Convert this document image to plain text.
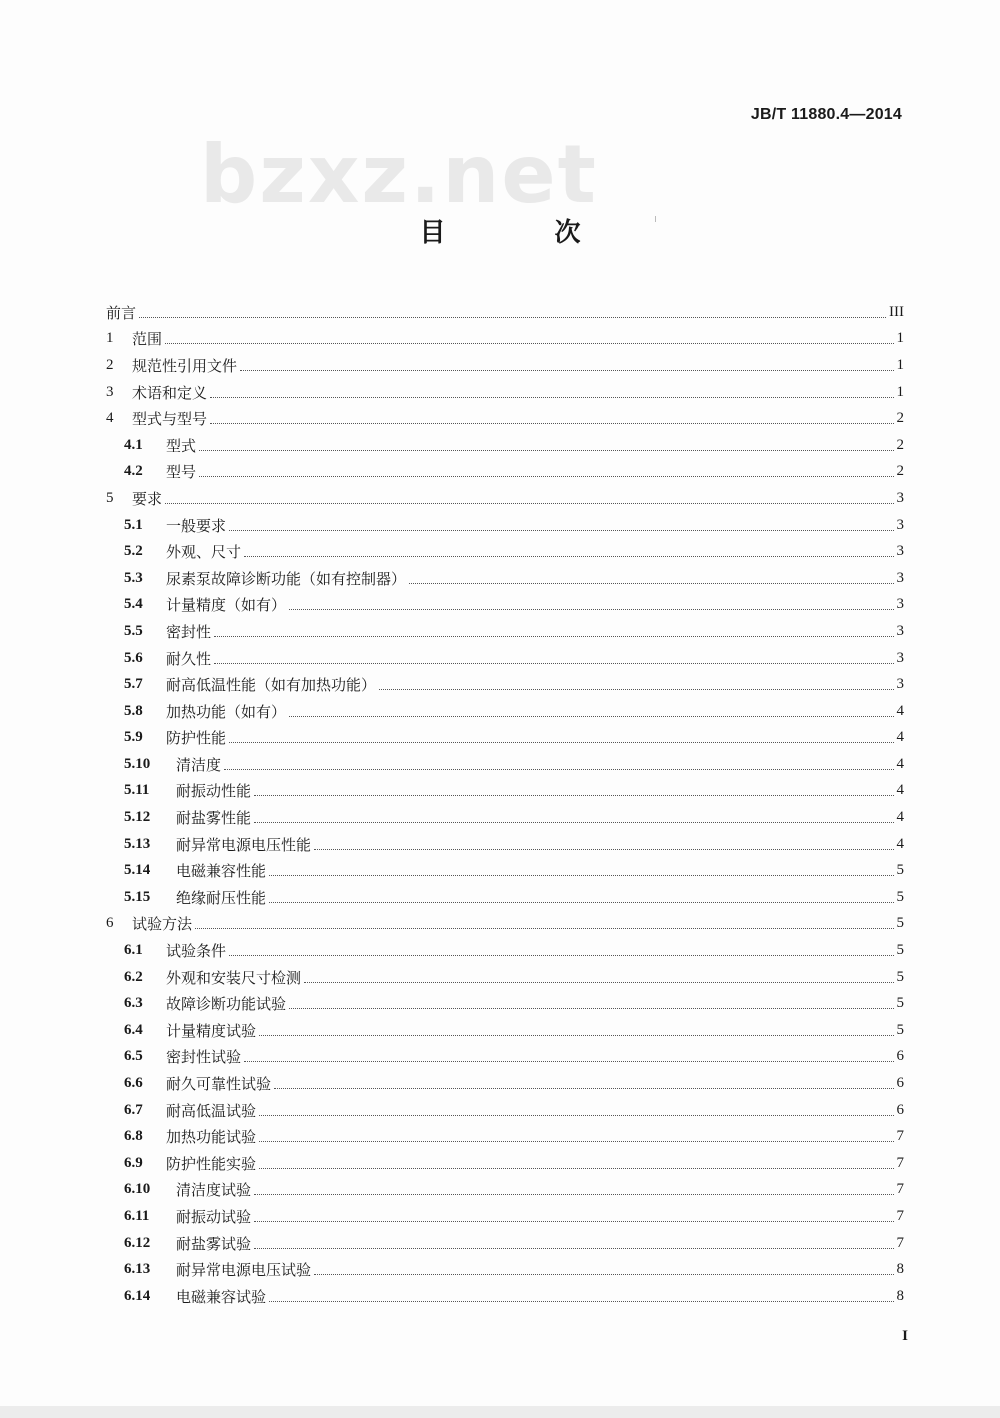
JB/T 11880.4—2014
bzxz.net
目 次
前言	III
1	范围	1
2	规范性引用文件	1
3	术语和定义	1
4	型式与型号	2
4.1	型式	2
4.2	型号	2
5	要求	3
5.1	一般要求	3
5.2	外观、尺寸	3
5.3	尿素泵故障诊断功能（如有控制器）	3
5.4	计量精度（如有）	3
5.5	密封性	3
5.6	耐久性	3
5.7	耐高低温性能（如有加热功能）	3
5.8	加热功能（如有）	4
5.9	防护性能	4
5.10	清洁度	4
5.11	耐振动性能	4
5.12	耐盐雾性能	4
5.13	耐异常电源电压性能	4
5.14	电磁兼容性能	5
5.15	绝缘耐压性能	5
6	试验方法	5
6.1	试验条件	5
6.2	外观和安装尺寸检测	5
6.3	故障诊断功能试验	5
6.4	计量精度试验	5
6.5	密封性试验	6
6.6	耐久可靠性试验	6
6.7	耐高低温试验	6
6.8	加热功能试验	7
6.9	防护性能实验	7
6.10	清洁度试验	7
6.11	耐振动试验	7
6.12	耐盐雾试验	7
6.13	耐异常电源电压试验	8
6.14	电磁兼容试验	8
I
